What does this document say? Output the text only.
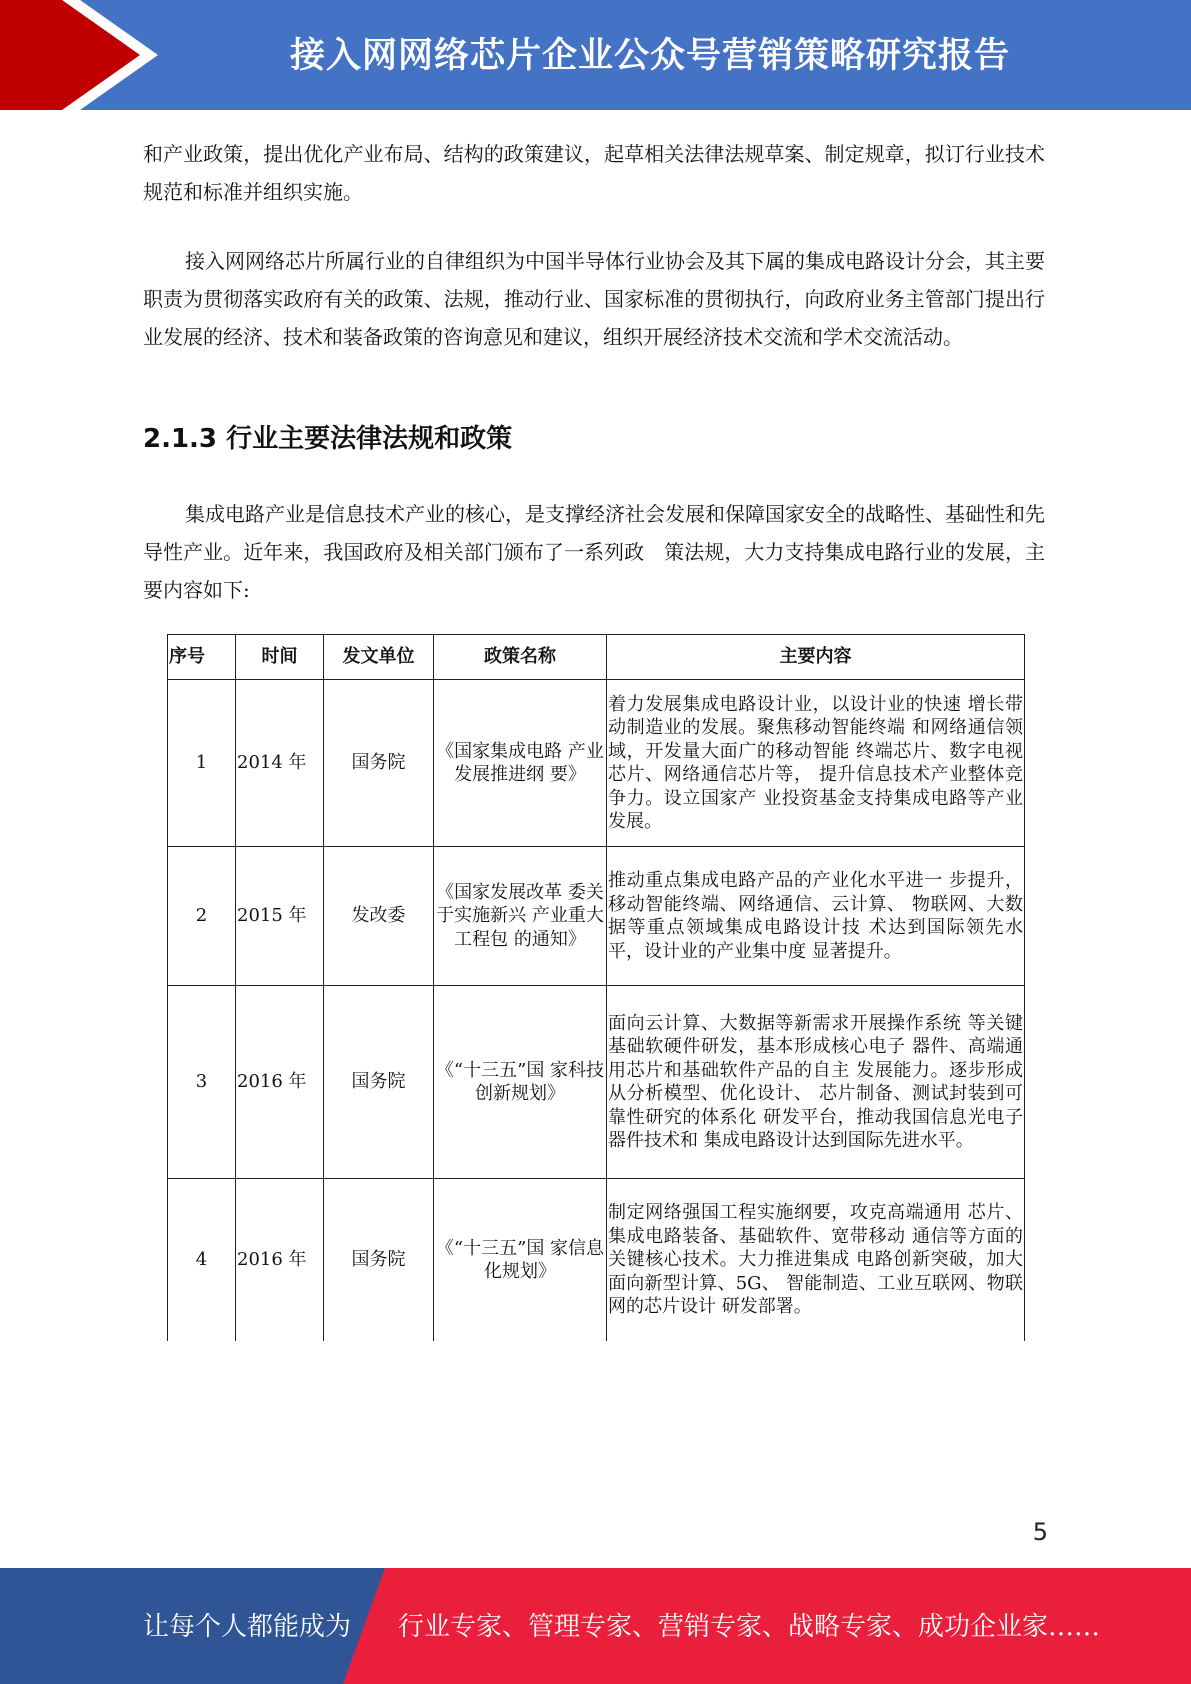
接入网网络芯片企业公众号营销策略研究报告

和产业政策，提出优化产业布局、结构的政策建议，起草相关法律法规草案、制定规章，拟订行业技术规范和标准并组织实施。

接入网网络芯片所属行业的自律组织为中国半导体行业协会及其下属的集成电路设计分会，其主要职责为贯彻落实政府有关的政策、法规，推动行业、国家标准的贯彻执行，向政府业务主管部门提出行业发展的经济、技术和装备政策的咨询意见和建议，组织开展经济技术交流和学术交流活动。

2.1.3 行业主要法律法规和政策

集成电路产业是信息技术产业的核心，是支撑经济社会发展和保障国家安全的战略性、基础性和先导性产业。近年来，我国政府及相关部门颁布了一系列政　策法规，大力支持集成电路行业的发展，主要内容如下:

序号	时间	发文单位	政策名称	主要内容
1	2014 年	国务院	《国家集成电路 产业发展推进纲 要》	着力发展集成电路设计业，以设计业的快速 增长带动制造业的发展。聚焦移动智能终端 和网络通信领域，开发量大面广的移动智能 终端芯片、数字电视芯片、网络通信芯片等， 提升信息技术产业整体竞争力。设立国家产 业投资基金支持集成电路等产业发展。
2	2015 年	发改委	《国家发展改革 委关于实施新兴 产业重大工程包 的通知》	推动重点集成电路产品的产业化水平进一 步提升，移动智能终端、网络通信、云计算、 物联网、大数据等重点领域集成电路设计技 术达到国际领先水平，设计业的产业集中度 显著提升。
3	2016 年	国务院	《“十三五”国 家科技创新规划》	面向云计算、大数据等新需求开展操作系统 等关键基础软硬件研发，基本形成核心电子 器件、高端通用芯片和基础软件产品的自主 发展能力。逐步形成从分析模型、优化设计、 芯片制备、测试封装到可靠性研究的体系化 研发平台，推动我国信息光电子器件技术和 集成电路设计达到国际先进水平。
4	2016 年	国务院	《“十三五”国 家信息化规划》	制定网络强国工程实施纲要，攻克高端通用 芯片、集成电路装备、基础软件、宽带移动 通信等方面的关键核心技术。大力推进集成 电路创新突破，加大面向新型计算、5G、 智能制造、工业互联网、物联网的芯片设计 研发部署。
5
让每个人都能成为 行业专家、管理专家、营销专家、战略专家、成功企业家……
